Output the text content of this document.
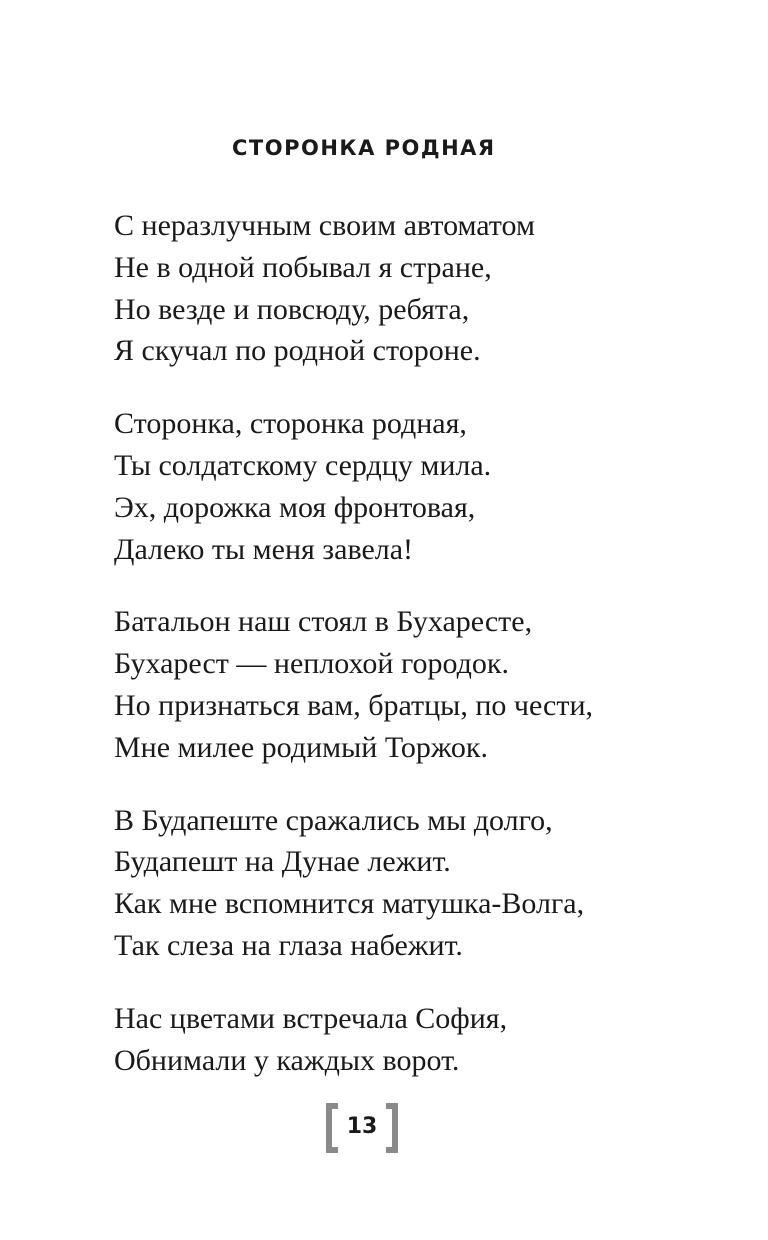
СТОРОНКА РОДНАЯ
С неразлучным своим автоматом
Не в одной побывал я стране,
Но везде и повсюду, ребята,
Я скучал по родной стороне.
Сторонка, сторонка родная,
Ты солдатскому сердцу мила.
Эх, дорожка моя фронтовая,
Далеко ты меня завела!
Батальон наш стоял в Бухаресте,
Бухарест — неплохой городок.
Но признаться вам, братцы, по чести,
Мне милее родимый Торжок.
В Будапеште сражались мы долго,
Будапешт на Дунае лежит.
Как мне вспомнится матушка-Волга,
Так слеза на глаза набежит.
Нас цветами встречала София,
Обнимали у каждых ворот.
13
